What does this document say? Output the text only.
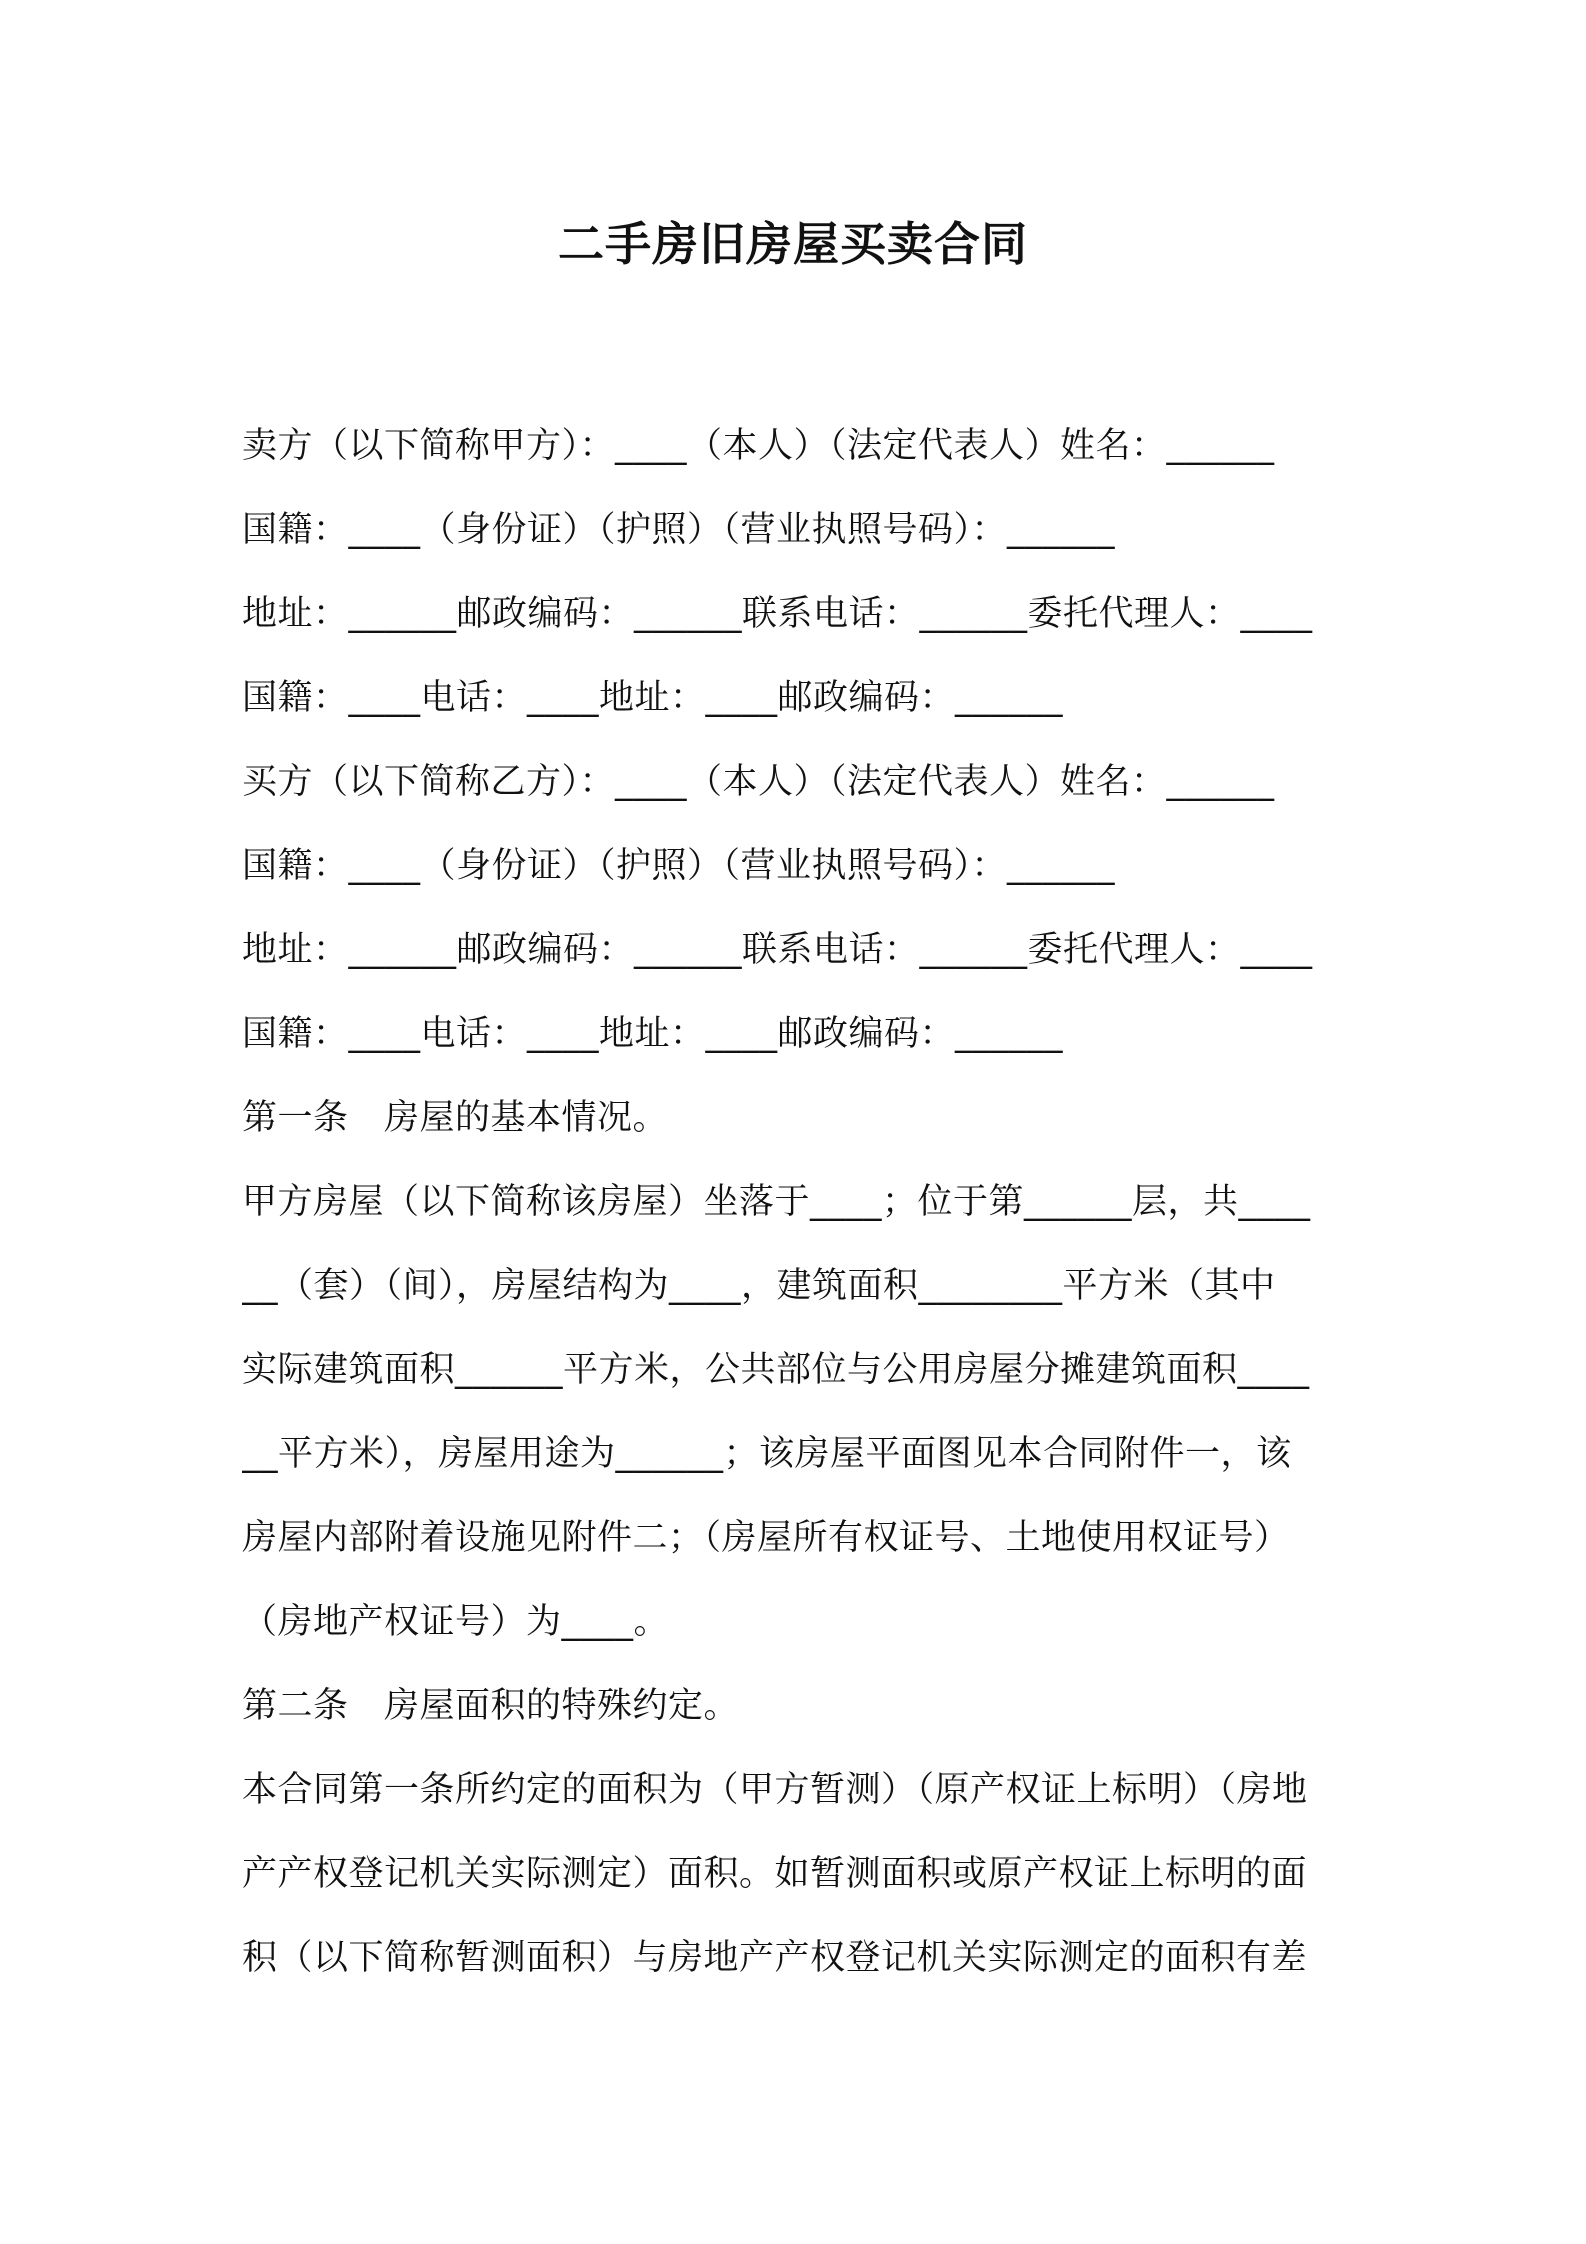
二手房旧房屋买卖合同
卖方（以下简称甲方）：____（本人）（法定代表人）姓名：______
国籍：____（身份证）（护照）（营业执照号码）：______
地址：______邮政编码：______联系电话：______委托代理人：____
国籍：____电话：____地址：____邮政编码：______
买方（以下简称乙方）：____（本人）（法定代表人）姓名：______
国籍：____（身份证）（护照）（营业执照号码）：______
地址：______邮政编码：______联系电话：______委托代理人：____
国籍：____电话：____地址：____邮政编码：______
第一条　房屋的基本情况。
甲方房屋（以下简称该房屋）坐落于____；位于第______层，共____
__（套）（间），房屋结构为____，建筑面积________平方米（其中
实际建筑面积______平方米，公共部位与公用房屋分摊建筑面积____
__平方米），房屋用途为______；该房屋平面图见本合同附件一，该
房屋内部附着设施见附件二；（房屋所有权证号、土地使用权证号）
（房地产权证号）为____。
第二条　房屋面积的特殊约定。
本合同第一条所约定的面积为（甲方暂测）（原产权证上标明）（房地
产产权登记机关实际测定）面积。如暂测面积或原产权证上标明的面
积（以下简称暂测面积）与房地产产权登记机关实际测定的面积有差
